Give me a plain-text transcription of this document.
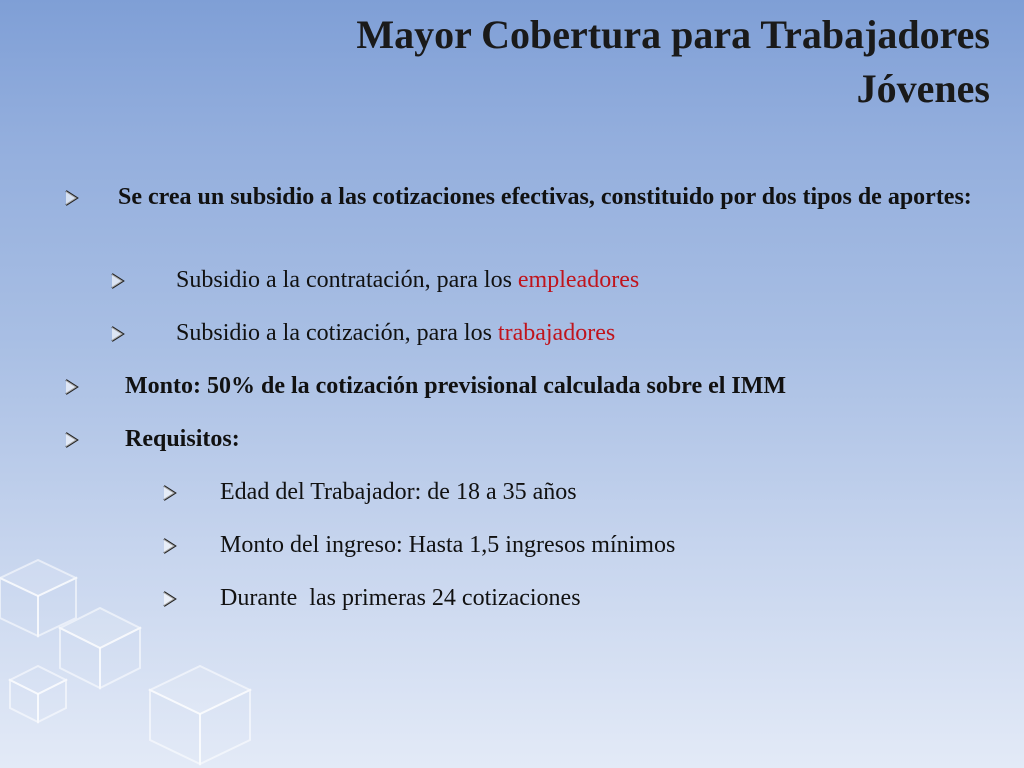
Mayor Cobertura para Trabajadores
Jóvenes
Se crea un subsidio a las cotizaciones efectivas, constituido por dos tipos de aportes:
Subsidio a la contratación, para los empleadores
Subsidio a la cotización, para los trabajadores
Monto: 50% de la cotización previsional calculada sobre el IMM
Requisitos:
Edad del Trabajador: de 18 a 35 años
Monto del ingreso: Hasta 1,5 ingresos mínimos
Durante  las primeras 24 cotizaciones
